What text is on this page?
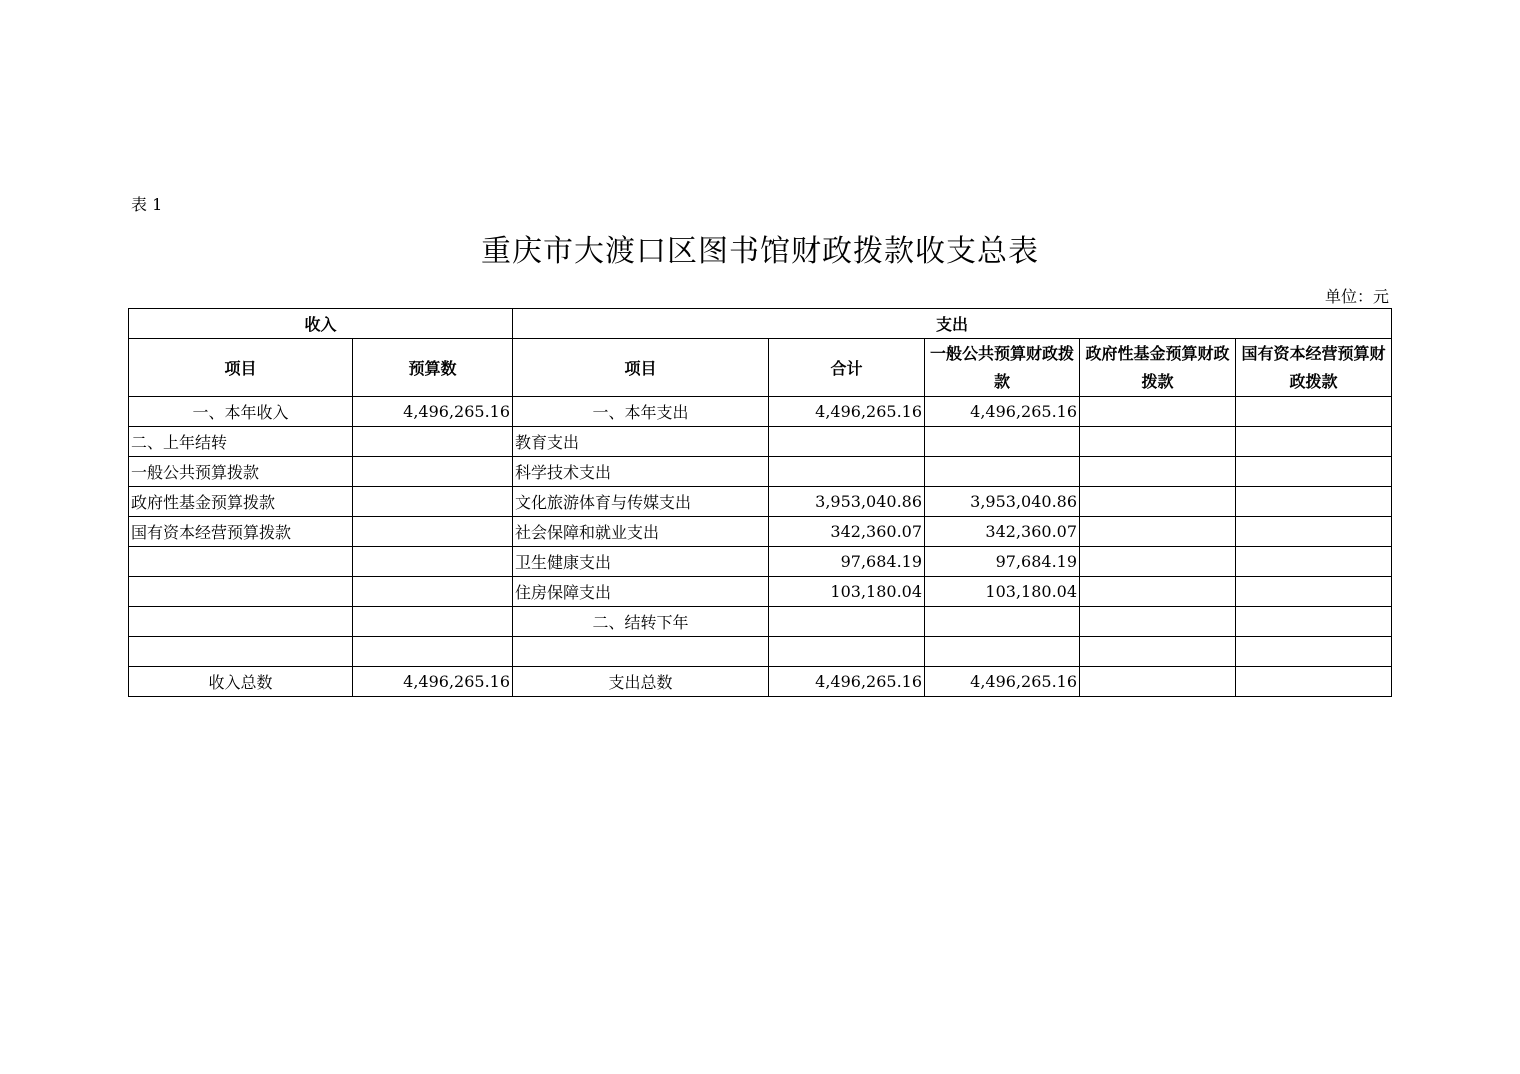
表 1
重庆市大渡口区图书馆财政拨款收支总表
单位：元
收入		支出				
项目	预算数	项目	合计	一般公共预算财政拨款	政府性基金预算财政拨款	国有资本经营预算财政拨款
一、本年收入	4,496,265.16	一、本年支出	4,496,265.16	4,496,265.16		
二、上年结转		教育支出				
一般公共预算拨款		科学技术支出				
政府性基金预算拨款		文化旅游体育与传媒支出	3,953,040.86	3,953,040.86		
国有资本经营预算拨款		社会保障和就业支出	342,360.07	342,360.07		
		卫生健康支出	97,684.19	97,684.19		
		住房保障支出	103,180.04	103,180.04		
		二、结转下年				

收入总数	4,496,265.16	支出总数	4,496,265.16	4,496,265.16		
